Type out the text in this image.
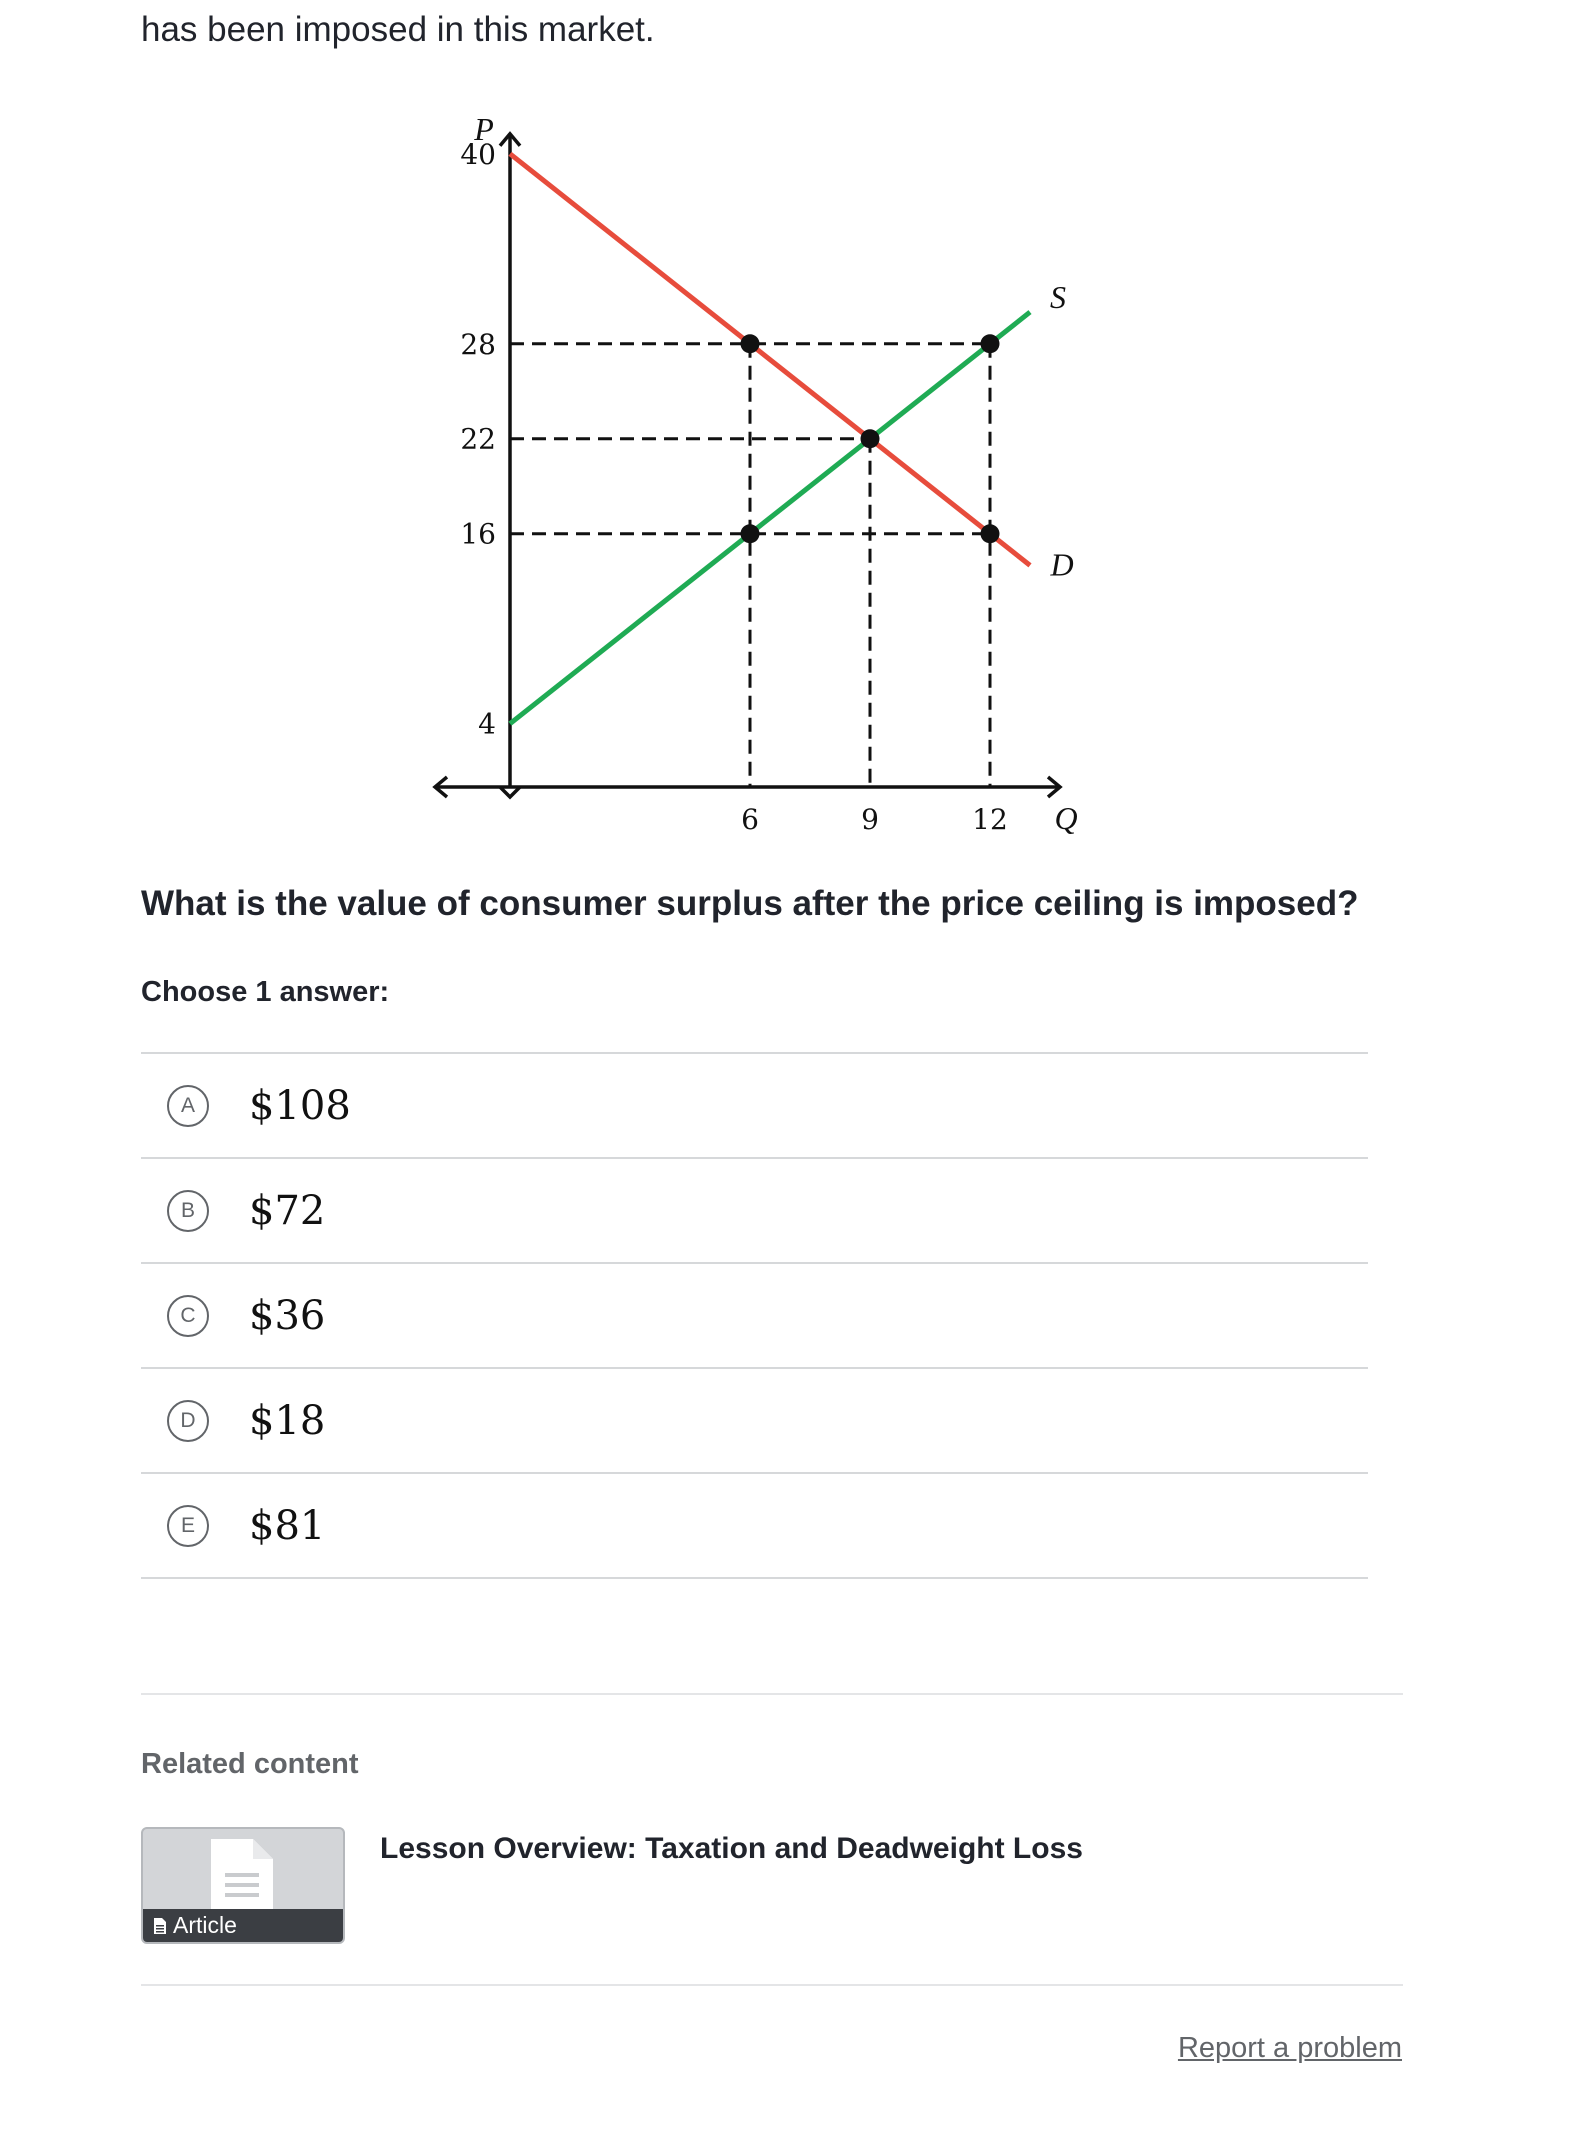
has been imposed in this market.
4
16
22
28
40
6	9	12
P
Q
S
D
What is the value of consumer surplus after the price ceiling is imposed?
Choose 1 answer:
A	$108
B	$72
C	$36
D	$18
E	$81
Related content
Article
Lesson Overview: Taxation and Deadweight Loss
Report a problem
